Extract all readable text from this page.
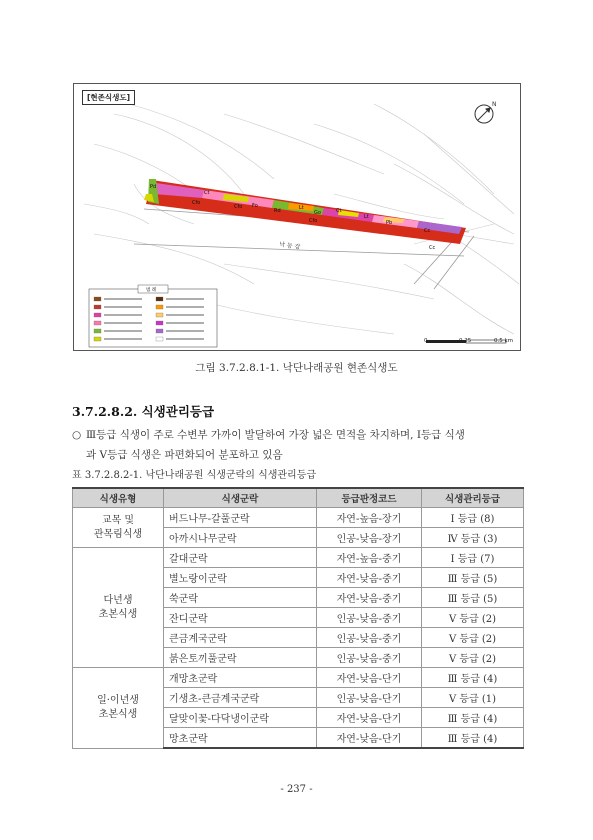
N
Pd
Ct
Cfo
Cfo Fo
Rd	Lt
Go	Ct
Cfo
Lt
Pb
Cc
Cc
낙 동 강
범 례
[현존식생도]
0	0.25	0.5 km
그림 3.7.2.8.1-1. 낙단나래공원 현존식생도
3.7.2.8.2. 식생관리등급
○ Ⅲ등급 식생이 주로 수변부 가까이 발달하여 가장 넓은 면적을 차지하며, Ⅰ등급 식생
과 Ⅴ등급 식생은 파편화되어 분포하고 있음
표 3.7.2.8.2-1. 낙단나래공원 식생군락의 식생관리등급
식생유형	식생군락	등급판정코드	식생관리등급
교목 및
관목림식생	버드나무-갈풀군락	자연-높음-장기	Ⅰ 등급 (8)
	아까시나무군락	인공-낮음-장기	Ⅳ 등급 (3)
다년생
초본식생	갈대군락	자연-높음-중기	Ⅰ 등급 (7)
	별노랑이군락	자연-낮음-중기	Ⅲ 등급 (5)
	쑥군락	자연-낮음-중기	Ⅲ 등급 (5)
	잔디군락	인공-낮음-중기	Ⅴ 등급 (2)
	큰금계국군락	인공-낮음-중기	Ⅴ 등급 (2)
	붉은토끼풀군락	인공-낮음-중기	Ⅴ 등급 (2)
일·이년생
초본식생	개망초군락	자연-낮음-단기	Ⅲ 등급 (4)
	기생초-큰금계국군락	인공-낮음-단기	Ⅴ 등급 (1)
	달맞이꽃-다닥냉이군락	자연-낮음-단기	Ⅲ 등급 (4)
	망초군락	자연-낮음-단기	Ⅲ 등급 (4)
- 237 -
